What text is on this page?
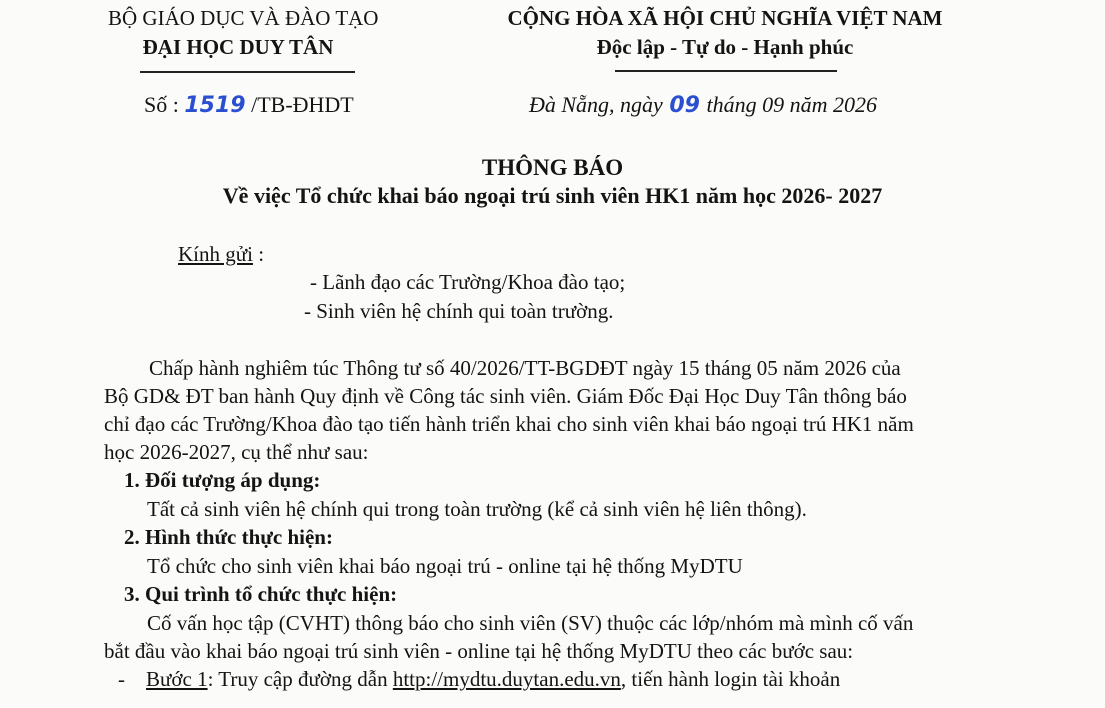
BỘ GIÁO DỤC VÀ ĐÀO TẠO
ĐẠI HỌC DUY TÂN
CỘNG HÒA XÃ HỘI CHỦ NGHĨA VIỆT NAM
Độc lập - Tự do - Hạnh phúc
Số : 1519 /TB-ĐHDT	Đà Nẵng, ngày 09 tháng 09 năm 2026
THÔNG BÁO
Về việc Tổ chức khai báo ngoại trú sinh viên HK1 năm học 2026- 2027
Kính gửi :
- Lãnh đạo các Trường/Khoa đào tạo;
- Sinh viên hệ chính qui toàn trường.
Chấp hành nghiêm túc Thông tư số 40/2026/TT-BGDĐT ngày 15 tháng 05 năm 2026 của
Bộ GD& ĐT ban hành Quy định về Công tác sinh viên. Giám Đốc Đại Học Duy Tân thông báo
chỉ đạo các Trường/Khoa đào tạo tiến hành triển khai cho sinh viên khai báo ngoại trú HK1 năm
học 2026-2027, cụ thể như sau:
1. Đối tượng áp dụng:
Tất cả sinh viên hệ chính qui trong toàn trường (kể cả sinh viên hệ liên thông).
2. Hình thức thực hiện:
Tổ chức cho sinh viên khai báo ngoại trú - online tại hệ thống MyDTU
3. Qui trình tổ chức thực hiện:
Cố vấn học tập (CVHT) thông báo cho sinh viên (SV) thuộc các lớp/nhóm mà mình cố vấn
bắt đầu vào khai báo ngoại trú sinh viên - online tại hệ thống MyDTU theo các bước sau:
- Bước 1: Truy cập đường dẫn http://mydtu.duytan.edu.vn, tiến hành login tài khoản
